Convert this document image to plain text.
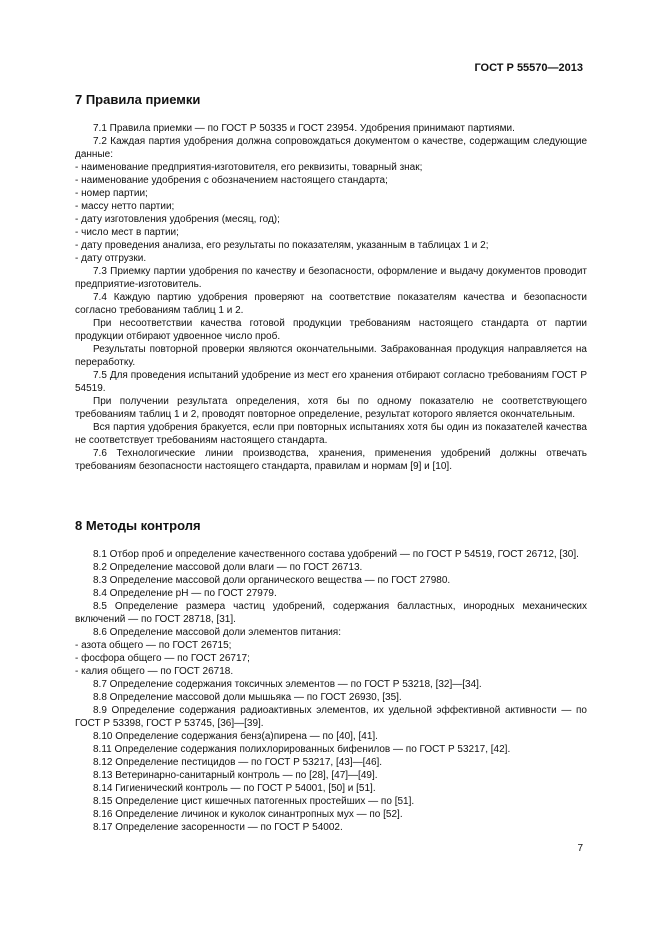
ГОСТ Р 55570—2013

7 Правила приемки

7.1 Правила приемки — по ГОСТ Р 50335 и ГОСТ 23954. Удобрения принимают партиями.

7.2 Каждая партия удобрения должна сопровождаться документом о качестве, содержащим следующие данные:

- наименование предприятия-изготовителя, его реквизиты, товарный знак;

- наименование удобрения с обозначением настоящего стандарта;

- номер партии;

- массу нетто партии;

- дату изготовления удобрения (месяц, год);

- число мест в партии;

- дату проведения анализа, его результаты по показателям, указанным в таблицах 1 и 2;

- дату отгрузки.

7.3 Приемку партии удобрения по качеству и безопасности, оформление и выдачу документов проводит предприятие-изготовитель.

7.4 Каждую партию удобрения проверяют на соответствие показателям качества и безопасности согласно требованиям таблиц 1 и 2.

При несоответствии качества готовой продукции требованиям настоящего стандарта от партии продукции отбирают удвоенное число проб.

Результаты повторной проверки являются окончательными. Забракованная продукция направляется на переработку.

7.5 Для проведения испытаний удобрение из мест его хранения отбирают согласно требованиям ГОСТ Р 54519.

При получении результата определения, хотя бы по одному показателю не соответствующего требованиям таблиц 1 и 2, проводят повторное определение, результат которого является окончательным.

Вся партия удобрения бракуется, если при повторных испытаниях хотя бы один из показателей качества не соответствует требованиям настоящего стандарта.

7.6 Технологические линии производства, хранения, применения удобрений должны отвечать требованиям безопасности настоящего стандарта, правилам и нормам [9] и [10].

8 Методы контроля

8.1 Отбор проб и определение качественного состава удобрений — по ГОСТ Р 54519, ГОСТ 26712, [30].

8.2 Определение массовой доли влаги — по ГОСТ 26713.

8.3 Определение массовой доли органического вещества — по ГОСТ 27980.

8.4 Определение pH — по ГОСТ 27979.

8.5 Определение размера частиц удобрений, содержания балластных, инородных механических включений — по ГОСТ 28718, [31].

8.6 Определение массовой доли элементов питания:

- азота общего — по ГОСТ 26715;

- фосфора общего — по ГОСТ 26717;

- калия общего — по ГОСТ 26718.

8.7 Определение содержания токсичных элементов — по ГОСТ Р 53218, [32]—[34].

8.8 Определение массовой доли мышьяка — по ГОСТ 26930, [35].

8.9 Определение содержания радиоактивных элементов, их удельной эффективной активности — по ГОСТ Р 53398, ГОСТ Р 53745, [36]—[39].

8.10 Определение содержания бенз(а)пирена — по [40], [41].

8.11 Определение содержания полихлорированных бифенилов — по ГОСТ Р 53217, [42].

8.12 Определение пестицидов — по ГОСТ Р 53217, [43]—[46].

8.13 Ветеринарно-санитарный контроль — по [28], [47]—[49].

8.14 Гигиенический контроль — по ГОСТ Р 54001, [50] и [51].

8.15 Определение цист кишечных патогенных простейших — по [51].

8.16 Определение личинок и куколок синантропных мух — по [52].

8.17 Определение засоренности — по ГОСТ Р 54002.

7
